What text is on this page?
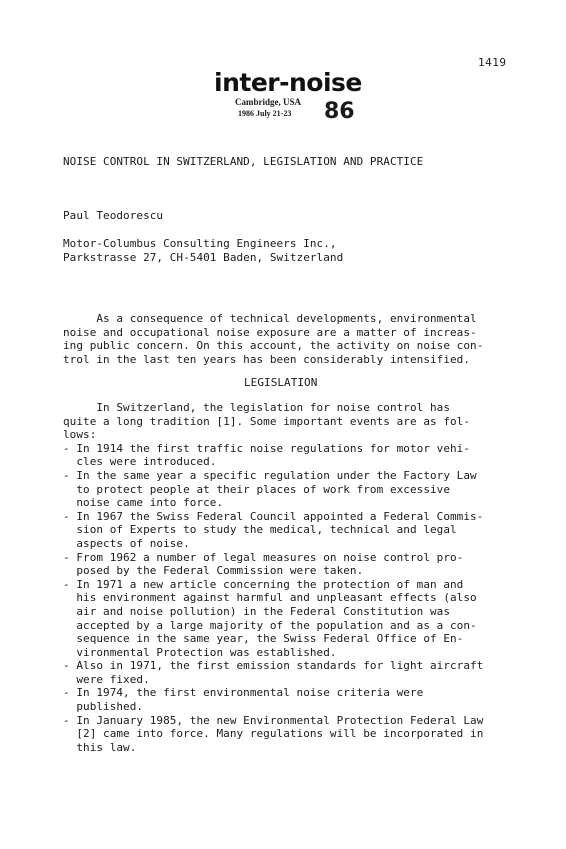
1419
inter-noise
Cambridge, USA
1986 July 21-23 86
NOISE CONTROL IN SWITZERLAND, LEGISLATION AND PRACTICE
Paul Teodorescu
Motor-Columbus Consulting Engineers Inc.,
Parkstrasse 27, CH-5401 Baden, Switzerland
As a consequence of technical developments, environmental
noise and occupational noise exposure are a matter of increas-
ing public concern. On this account, the activity on noise con-
trol in the last ten years has been considerably intensified.
LEGISLATION
In Switzerland, the legislation for noise control has
quite a long tradition [1]. Some important events are as fol-
lows:
- In 1914 the first traffic noise regulations for motor vehi-
cles were introduced.
- In the same year a specific regulation under the Factory Law
to protect people at their places of work from excessive
noise came into force.
- In 1967 the Swiss Federal Council appointed a Federal Commis-
sion of Experts to study the medical, technical and legal
aspects of noise.
- From 1962 a number of legal measures on noise control pro-
posed by the Federal Commission were taken.
- In 1971 a new article concerning the protection of man and
his environment against harmful and unpleasant effects (also
air and noise pollution) in the Federal Constitution was
accepted by a large majority of the population and as a con-
sequence in the same year, the Swiss Federal Office of En-
vironmental Protection was established.
- Also in 1971, the first emission standards for light aircraft
were fixed.
- In 1974, the first environmental noise criteria were
published.
- In January 1985, the new Environmental Protection Federal Law
[2] came into force. Many regulations will be incorporated in
this law.
